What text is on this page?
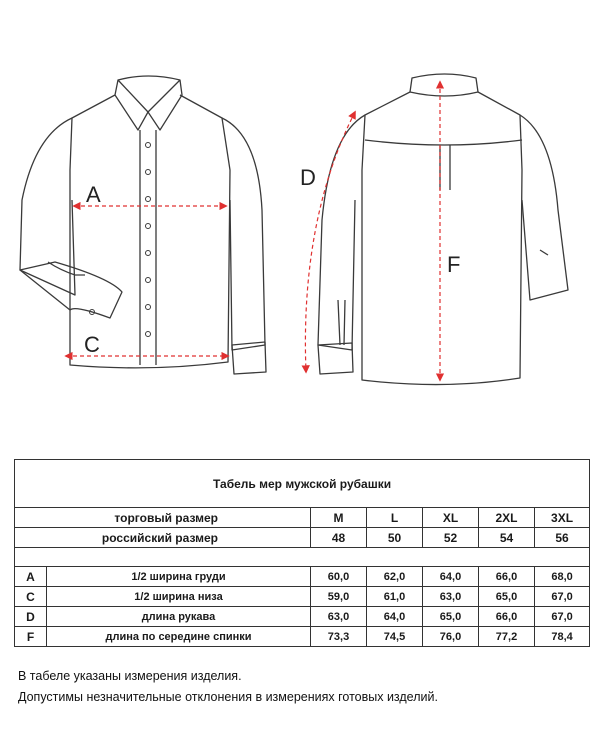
A
C
D
F
Табель мер мужской рубашки						
торговый размер		M	L	XL	2XL	3XL
российский размер		48	50	52	54	56

A	1/2 ширина груди	60,0	62,0	64,0	66,0	68,0
C	1/2 ширина низа	59,0	61,0	63,0	65,0	67,0
D	длина рукава	63,0	64,0	65,0	66,0	67,0
F	длина по середине спинки	73,3	74,5	76,0	77,2	78,4
В табеле указаны измерения изделия.
Допустимы незначительные отклонения в измерениях готовых изделий.
